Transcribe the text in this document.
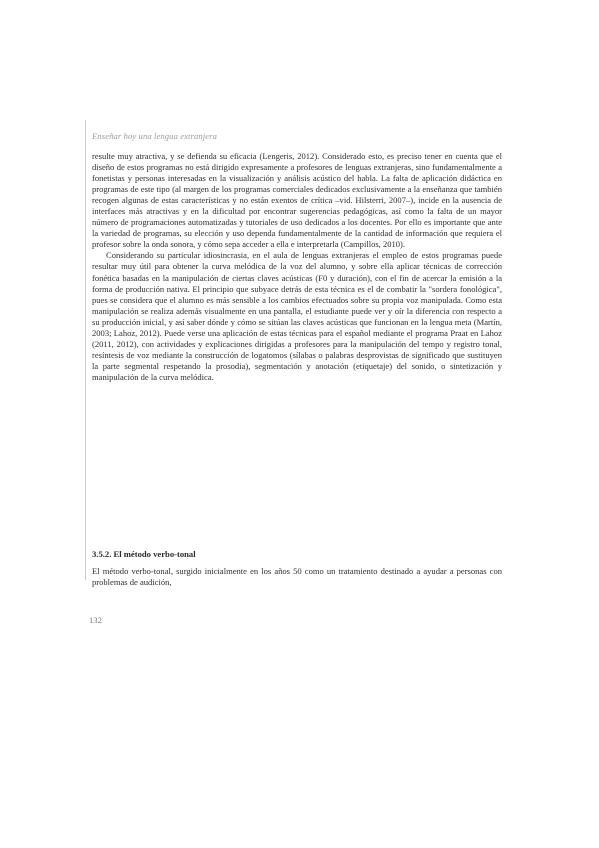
Enseñar hoy una lengua extranjera

resulte muy atractiva, y se defienda su eficacia (Lengeris, 2012). Considerado esto, es preciso tener en cuenta que el diseño de estos programas no está dirigido expresamente a profesores de lenguas extranjeras, sino fundamentalmente a fonetistas y personas interesadas en la visualización y análisis acústico del habla. La falta de aplicación didáctica en programas de este tipo (al margen de los programas comerciales dedicados exclusivamente a la enseñanza que también recogen algunas de estas características y no están exentos de crítica –vid. Hilsterri, 2007–), incide en la ausencia de interfaces más atractivas y en la dificultad por encontrar sugerencias pedagógicas, así como la falta de un mayor número de programaciones automatizadas y tutoriales de uso dedicados a los docentes. Por ello es importante que ante la variedad de programas, su elección y uso dependa fundamentalmente de la cantidad de información que requiera el profesor sobre la onda sonora, y cómo sepa acceder a ella e interpretarla (Campillos, 2010).

Considerando su particular idiosincrasia, en el aula de lenguas extranjeras el empleo de estos programas puede resultar muy útil para obtener la curva melódica de la voz del alumno, y sobre ella aplicar técnicas de corrección fonética basadas en la manipulación de ciertas claves acústicas (F0 y duración), con el fin de acercar la emisión a la forma de producción nativa. El principio que subyace detrás de esta técnica es el de combatir la "sordera fonológica", pues se considera que el alumno es más sensible a los cambios efectuados sobre su propia voz manipulada. Como esta manipulación se realiza además visualmente en una pantalla, el estudiante puede ver y oír la diferencia con respecto a su producción inicial, y así saber dónde y cómo se sitúan las claves acústicas que funcionan en la lengua meta (Martín, 2003; Lahoz, 2012). Puede verse una aplicación de estas técnicas para el español mediante el programa Praat en Lahoz (2011, 2012), con actividades y explicaciones dirigidas a profesores para la manipulación del tempo y registro tonal, resíntesis de voz mediante la construcción de logatomos (sílabas o palabras desprovistas de significado que sustituyen la parte segmental respetando la prosodia), segmentación y anotación (etiquetaje) del sonido, o sintetización y manipulación de la curva melódica.

3.5.2. El método verbo-tonal

El método verbo-tonal, surgido inicialmente en los años 50 como un tratamiento destinado a ayudar a personas con problemas de audición,

132
